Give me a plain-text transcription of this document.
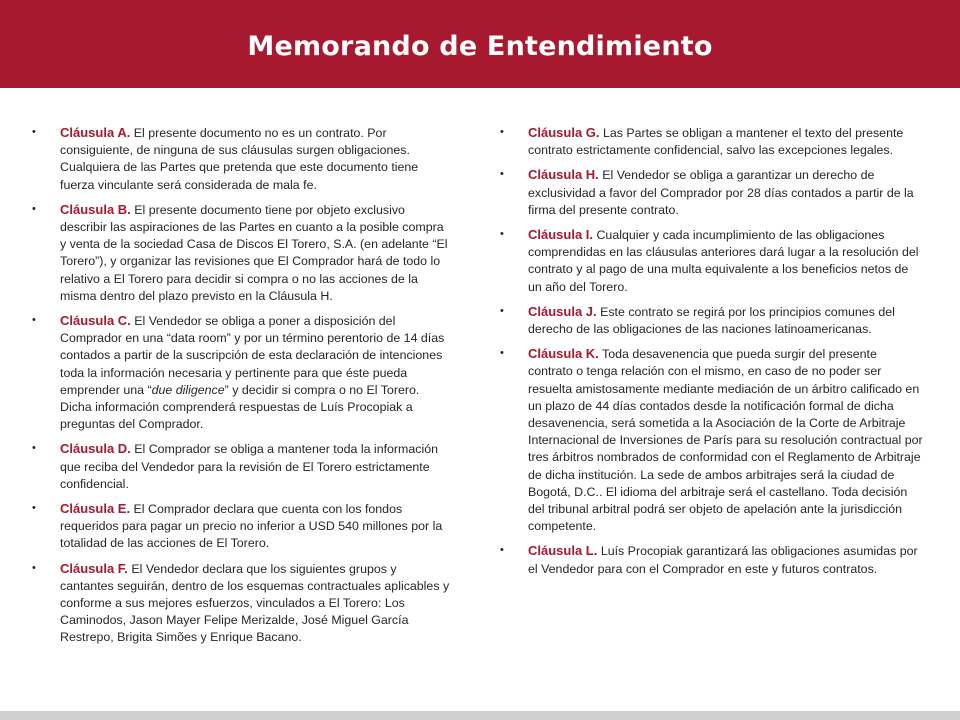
Memorando de Entendimiento
• Cláusula A. El presente documento no es un contrato. Por consiguiente, de ninguna de sus cláusulas surgen obligaciones. Cualquiera de las Partes que pretenda que este documento tiene fuerza vinculante será considerada de mala fe.
• Cláusula B. El presente documento tiene por objeto exclusivo describir las aspiraciones de las Partes en cuanto a la posible compra y venta de la sociedad Casa de Discos El Torero, S.A. (en adelante “El Torero”), y organizar las revisiones que El Comprador hará de todo lo relativo a El Torero para decidir si compra o no las acciones de la misma dentro del plazo previsto en la Cláusula H.
• Cláusula C. El Vendedor se obliga a poner a disposición del Comprador en una “data room” y por un término perentorio de 14 días contados a partir de la suscripción de esta declaración de intenciones toda la información necesaria y pertinente para que éste pueda emprender una “due diligence” y decidir si compra o no El Torero. Dicha información comprenderá respuestas de Luís Procopiak a preguntas del Comprador.
• Cláusula D. El Comprador se obliga a mantener toda la información que reciba del Vendedor para la revisión de El Torero estrictamente confidencial.
• Cláusula E. El Comprador declara que cuenta con los fondos requeridos para pagar un precio no inferior a USD 540 millones por la totalidad de las acciones de El Torero.
• Cláusula F. El Vendedor declara que los siguientes grupos y cantantes seguirán, dentro de los esquemas contractuales aplicables y conforme a sus mejores esfuerzos, vinculados a El Torero: Los Caminodos, Jason Mayer Felipe Merizalde, José Miguel García Restrepo, Brigita Simões y Enrique Bacano.
• Cláusula G. Las Partes se obligan a mantener el texto del presente contrato estrictamente confidencial, salvo las excepciones legales.
• Cláusula H. El Vendedor se obliga a garantizar un derecho de exclusividad a favor del Comprador por 28 días contados a partir de la firma del presente contrato.
• Cláusula I. Cualquier y cada incumplimiento de las obligaciones comprendidas en las cláusulas anteriores dará lugar a la resolución del contrato y al pago de una multa equivalente a los beneficios netos de un año del Torero.
• Cláusula J. Este contrato se regirá por los principios comunes del derecho de las obligaciones de las naciones latinoamericanas.
• Cláusula K. Toda desavenencia que pueda surgir del presente contrato o tenga relación con el mismo, en caso de no poder ser resuelta amistosamente mediante mediación de un árbitro calificado en un plazo de 44 días contados desde la notificación formal de dicha desavenencia, será sometida a la Asociación de la Corte de Arbitraje Internacional de Inversiones de París para su resolución contractual por tres árbitros nombrados de conformidad con el Reglamento de Arbitraje de dicha institución. La sede de ambos arbitrajes será la ciudad de Bogotá, D.C.. El idioma del arbitraje será el castellano. Toda decisión del tribunal arbitral podrá ser objeto de apelación ante la jurisdicción competente.
• Cláusula L. Luís Procopiak garantizará las obligaciones asumidas por el Vendedor para con el Comprador en este y futuros contratos.
